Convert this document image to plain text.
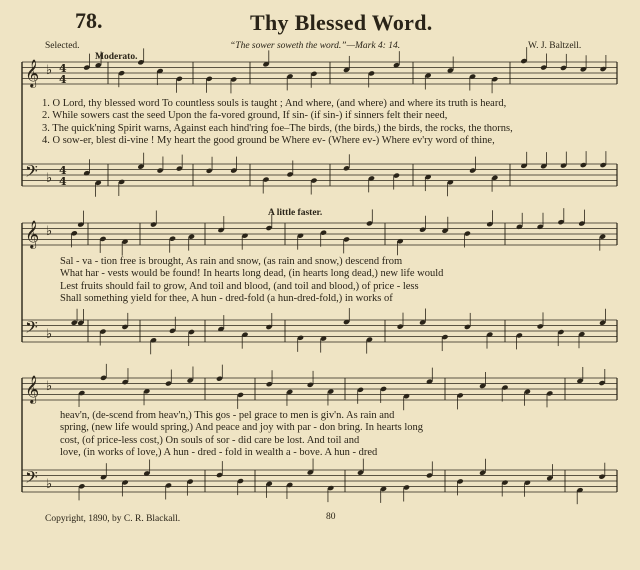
78.	Thy Blessed Word.
Selected.	“The sower soweth the word.”—Mark 4: 14.	W. J. Baltzell.
Moderato.
A little faster.
1. O Lord, thy blessed word To countless souls is taught ; And where, (and where) and where its truth is heard,
2. While sowers cast the seed Upon the fa-vored ground, If sin- (if sin-) if sinners felt their need,
3. The quick'ning Spirit warns, Against each hind'ring foe–The birds, (the birds,) the birds, the rocks, the thorns,
4. O sow-er, blest di-vine ! My heart the good ground be Where ev- (Where ev-) Where ev'ry word of thine,
Sal - va - tion free is brought, As rain and snow, (as rain and snow,) descend from
What har - vests would be found! In hearts long dead, (in hearts long dead,) new life would
Lest fruits should fail to grow, And toil and blood, (and toil and blood,) of price - less
Shall something yield for thee, A hun - dred-fold (a hun-dred-fold,) in works of
heav'n, (de-scend from heav'n,) This gos - pel grace to men is giv'n. As rain and
spring, (new life would spring,) And peace and joy with par - don bring. In hearts long
cost, (of price-less cost,) On souls of sor - did care be lost. And toil and
love, (in works of love,) A hun - dred - fold in wealth a - bove. A hun - dred
Copyright, 1890, by C. R. Blackall.	80
𝄞
𝄢
♭
♭
4
4
4
4
𝄞
𝄢
♭
♭
𝄞
𝄢
♭
♭
